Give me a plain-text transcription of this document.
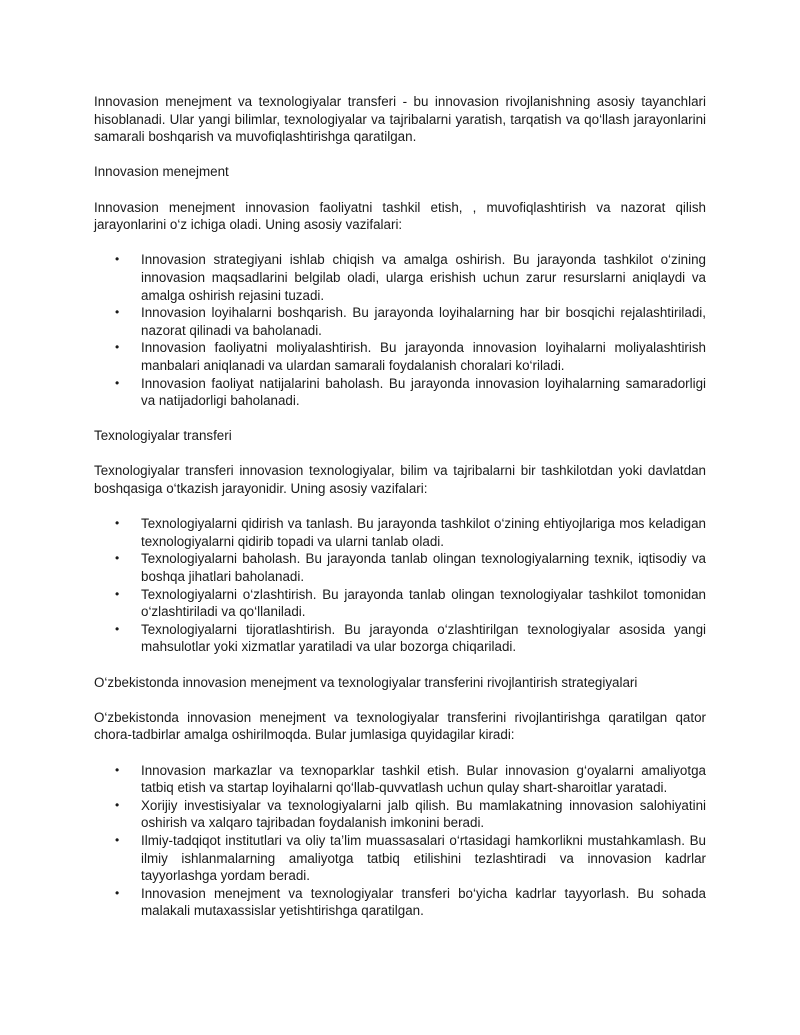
Innovasion menejment va texnologiyalar transferi - bu innovasion rivojlanishning asosiy tayanchlari hisoblanadi. Ular yangi bilimlar, texnologiyalar va tajribalarni yaratish, tarqatish va qo‘llash jarayonlarini samarali boshqarish va muvofiqlashtirishga qaratilgan.

Innovasion menejment

Innovasion menejment innovasion faoliyatni tashkil etish, , muvofiqlashtirish va nazorat qilish jarayonlarini o‘z ichiga oladi. Uning asosiy vazifalari:

• Innovasion strategiyani ishlab chiqish va amalga oshirish. Bu jarayonda tashkilot o‘zining innovasion maqsadlarini belgilab oladi, ularga erishish uchun zarur resurslarni aniqlaydi va amalga oshirish rejasini tuzadi.
• Innovasion loyihalarni boshqarish. Bu jarayonda loyihalarning har bir bosqichi rejalashtiriladi, nazorat qilinadi va baholanadi.
• Innovasion faoliyatni moliyalashtirish. Bu jarayonda innovasion loyihalarni moliyalashtirish manbalari aniqlanadi va ulardan samarali foydalanish choralari ko‘riladi.
• Innovasion faoliyat natijalarini baholash. Bu jarayonda innovasion loyihalarning samaradorligi va natijadorligi baholanadi.

Texnologiyalar transferi

Texnologiyalar transferi innovasion texnologiyalar, bilim va tajribalarni bir tashkilotdan yoki davlatdan boshqasiga o‘tkazish jarayonidir. Uning asosiy vazifalari:

• Texnologiyalarni qidirish va tanlash. Bu jarayonda tashkilot o‘zining ehtiyojlariga mos keladigan texnologiyalarni qidirib topadi va ularni tanlab oladi.
• Texnologiyalarni baholash. Bu jarayonda tanlab olingan texnologiyalarning texnik, iqtisodiy va boshqa jihatlari baholanadi.
• Texnologiyalarni o‘zlashtirish. Bu jarayonda tanlab olingan texnologiyalar tashkilot tomonidan o‘zlashtiriladi va qo‘llaniladi.
• Texnologiyalarni tijoratlashtirish. Bu jarayonda o‘zlashtirilgan texnologiyalar asosida yangi mahsulotlar yoki xizmatlar yaratiladi va ular bozorga chiqariladi.

O‘zbekistonda innovasion menejment va texnologiyalar transferini rivojlantirish strategiyalari

O‘zbekistonda innovasion menejment va texnologiyalar transferini rivojlantirishga qaratilgan qator chora-tadbirlar amalga oshirilmoqda. Bular jumlasiga quyidagilar kiradi:

• Innovasion markazlar va texnoparklar tashkil etish. Bular innovasion g‘oyalarni amaliyotga tatbiq etish va startap loyihalarni qo‘llab-quvvatlash uchun qulay shart-sharoitlar yaratadi.
• Xorijiy investisiyalar va texnologiyalarni jalb qilish. Bu mamlakatning innovasion salohiyatini oshirish va xalqaro tajribadan foydalanish imkonini beradi.
• Ilmiy-tadqiqot institutlari va oliy ta’lim muassasalari o‘rtasidagi hamkorlikni mustahkamlash. Bu ilmiy ishlanmalarning amaliyotga tatbiq etilishini tezlashtiradi va innovasion kadrlar tayyorlashga yordam beradi.
• Innovasion menejment va texnologiyalar transferi bo‘yicha kadrlar tayyorlash. Bu sohada malakali mutaxassislar yetishtirishga qaratilgan.
